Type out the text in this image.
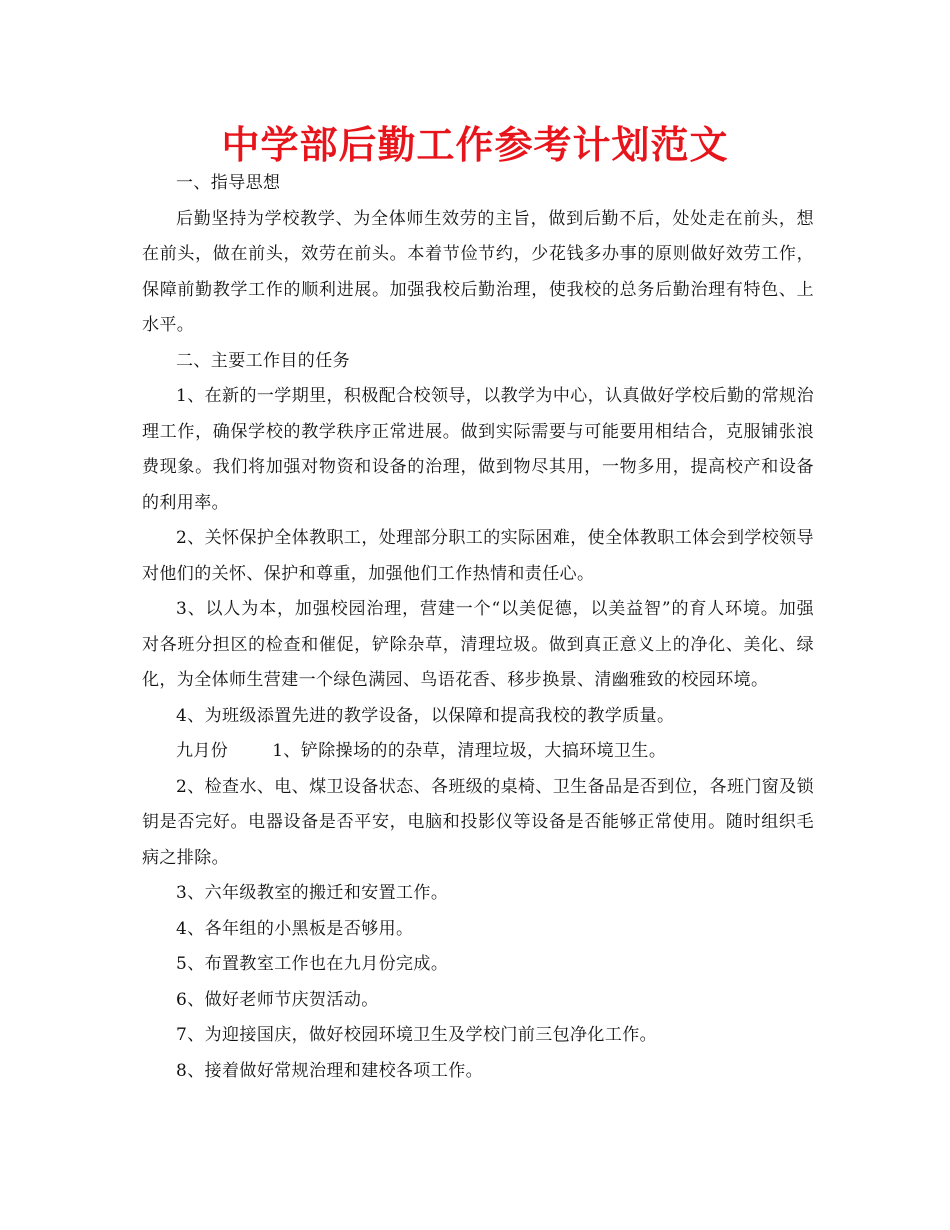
中学部后勤工作参考计划范文

一、指导思想

后勤坚持为学校教学、为全体师生效劳的主旨，做到后勤不后，处处走在前头，想在前头，做在前头，效劳在前头。本着节俭节约，少花钱多办事的原则做好效劳工作，保障前勤教学工作的顺利进展。加强我校后勤治理，使我校的总务后勤治理有特色、上水平。

二、主要工作目的任务

1、在新的一学期里，积极配合校领导，以教学为中心，认真做好学校后勤的常规治理工作，确保学校的教学秩序正常进展。做到实际需要与可能要用相结合，克服铺张浪费现象。我们将加强对物资和设备的治理，做到物尽其用，一物多用，提高校产和设备的利用率。

2、关怀保护全体教职工，处理部分职工的实际困难，使全体教职工体会到学校领导对他们的关怀、保护和尊重，加强他们工作热情和责任心。

3、以人为本，加强校园治理，营建一个“以美促德，以美益智”的育人环境。加强对各班分担区的检查和催促，铲除杂草，清理垃圾。做到真正意义上的净化、美化、绿化，为全体师生营建一个绿色满园、鸟语花香、移步换景、清幽雅致的校园环境。

4、为班级添置先进的教学设备，以保障和提高我校的教学质量。

九月份	1、铲除操场的的杂草，清理垃圾，大搞环境卫生。

2、检查水、电、煤卫设备状态、各班级的桌椅、卫生备品是否到位，各班门窗及锁钥是否完好。电器设备是否平安，电脑和投影仪等设备是否能够正常使用。随时组织毛病之排除。

3、六年级教室的搬迁和安置工作。

4、各年组的小黑板是否够用。

5、布置教室工作也在九月份完成。

6、做好老师节庆贺活动。

7、为迎接国庆，做好校园环境卫生及学校门前三包净化工作。

8、接着做好常规治理和建校各项工作。
